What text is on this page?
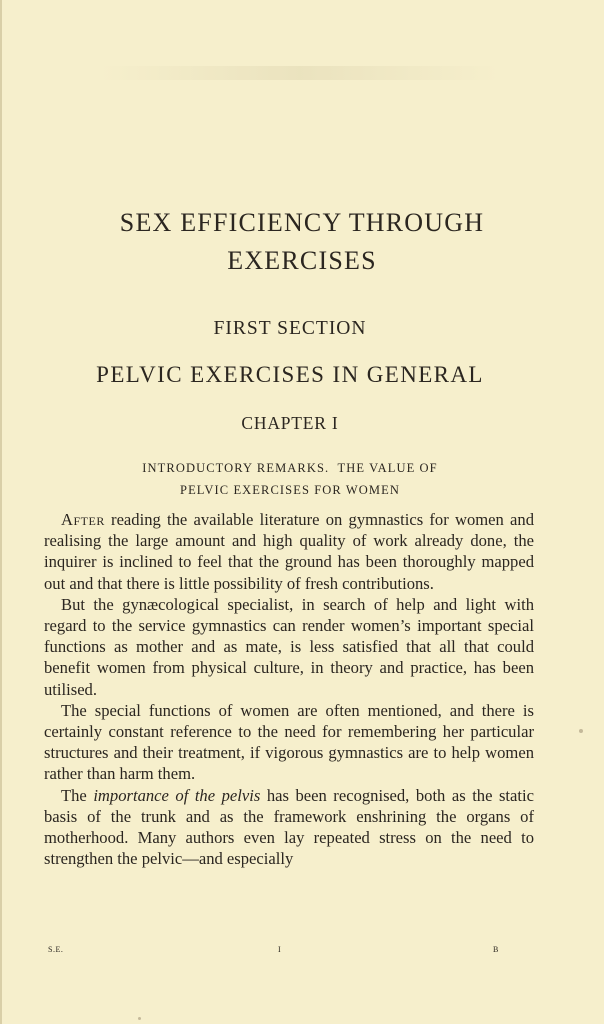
SEX EFFICIENCY THROUGH
EXERCISES
FIRST SECTION
PELVIC EXERCISES IN GENERAL
CHAPTER I
INTRODUCTORY REMARKS.  THE VALUE OF
PELVIC EXERCISES FOR WOMEN

After reading the available literature on gymnastics for women and realising the large amount and high quality of work already done, the inquirer is inclined to feel that the ground has been thoroughly mapped out and that there is little possibility of fresh contributions.

But the gynæcological specialist, in search of help and light with regard to the service gymnastics can render women’s important special functions as mother and as mate, is less satisfied that all that could benefit women from physical culture, in theory and practice, has been utilised.

The special functions of women are often mentioned, and there is certainly constant reference to the need for remembering her particular structures and their treatment, if vigorous gymnastics are to help women rather than harm them.

The importance of the pelvis has been recognised, both as the static basis of the trunk and as the framework enshrining the organs of motherhood. Many authors even lay repeated stress on the need to strengthen the pelvic—and especially

S.E.	I	B
